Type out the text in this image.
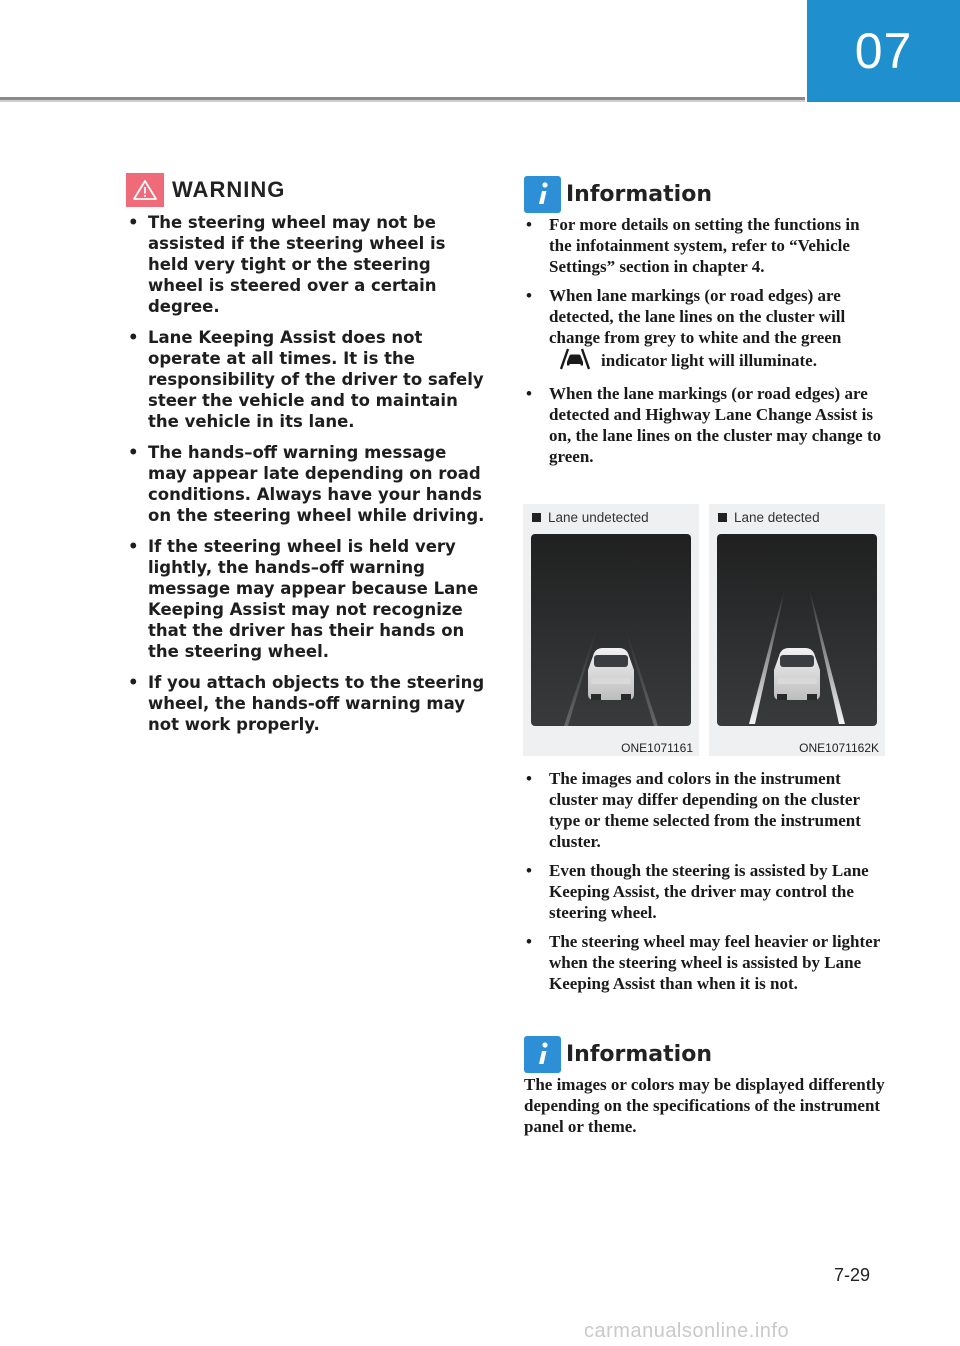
07
WARNING
• The steering wheel may not be assisted if the steering wheel is held very tight or the steering wheel is steered over a certain degree.
• Lane Keeping Assist does not operate at all times. It is the responsibility of the driver to safely steer the vehicle and to maintain the vehicle in its lane.
• The hands–off warning message may appear late depending on road conditions. Always have your hands on the steering wheel while driving.
• If the steering wheel is held very lightly, the hands–off warning message may appear because Lane Keeping Assist may not recognize that the driver has their hands on the steering wheel.
• If you attach objects to the steering wheel, the hands-off warning may not work properly.
Information
• For more details on setting the functions in the infotainment system, refer to “Vehicle Settings” section in chapter 4.
• When lane markings (or road edges) are detected, the lane lines on the cluster will change from grey to white and the greenindicator light will illuminate.
• When the lane markings (or road edges) are detected and Highway Lane Change Assist is on, the lane lines on the cluster may change to green.
Lane undetected
ONE1071161
Lane detected
ONE1071162K
• The images and colors in the instrument cluster may differ depending on the cluster type or theme selected from the instrument cluster.
• Even though the steering is assisted by Lane Keeping Assist, the driver may control the steering wheel.
• The steering wheel may feel heavier or lighter when the steering wheel is assisted by Lane Keeping Assist than when it is not.
Information
The images or colors may be displayed differently depending on the specifications of the instrument panel or theme.
7-29
carmanualsonline.info
